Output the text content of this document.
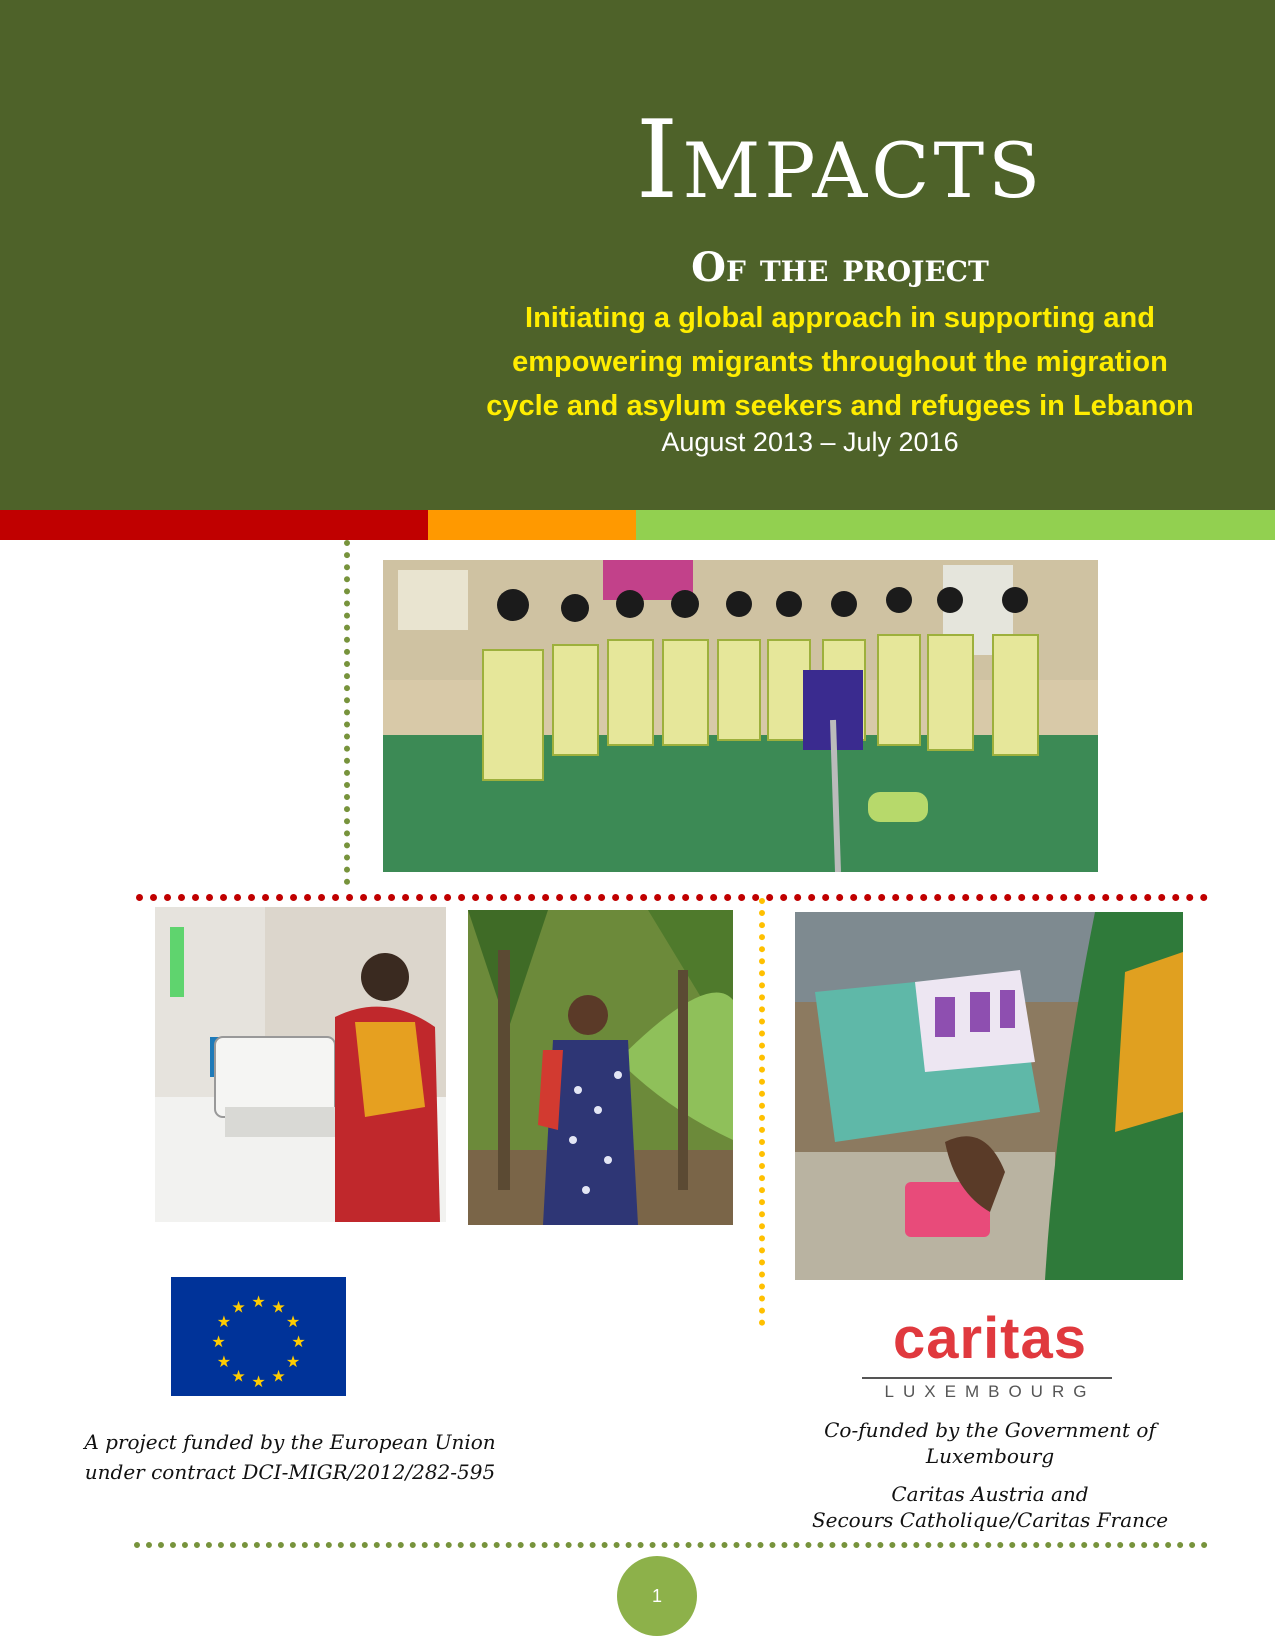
Impacts
Of the project
Initiating a global approach in supporting and
empowering migrants throughout the migration
cycle and asylum seekers and refugees in Lebanon
August 2013 – July 2016
★ ★
★
★
★
★
★
★
★
★
★
★
A project funded by the European Union
under contract DCI-MIGR/2012/282-595
caritas
LUXEMBOURG
Co-funded by the Government of Luxembourg
Caritas Austria and
Secours Catholique/Caritas France
1
